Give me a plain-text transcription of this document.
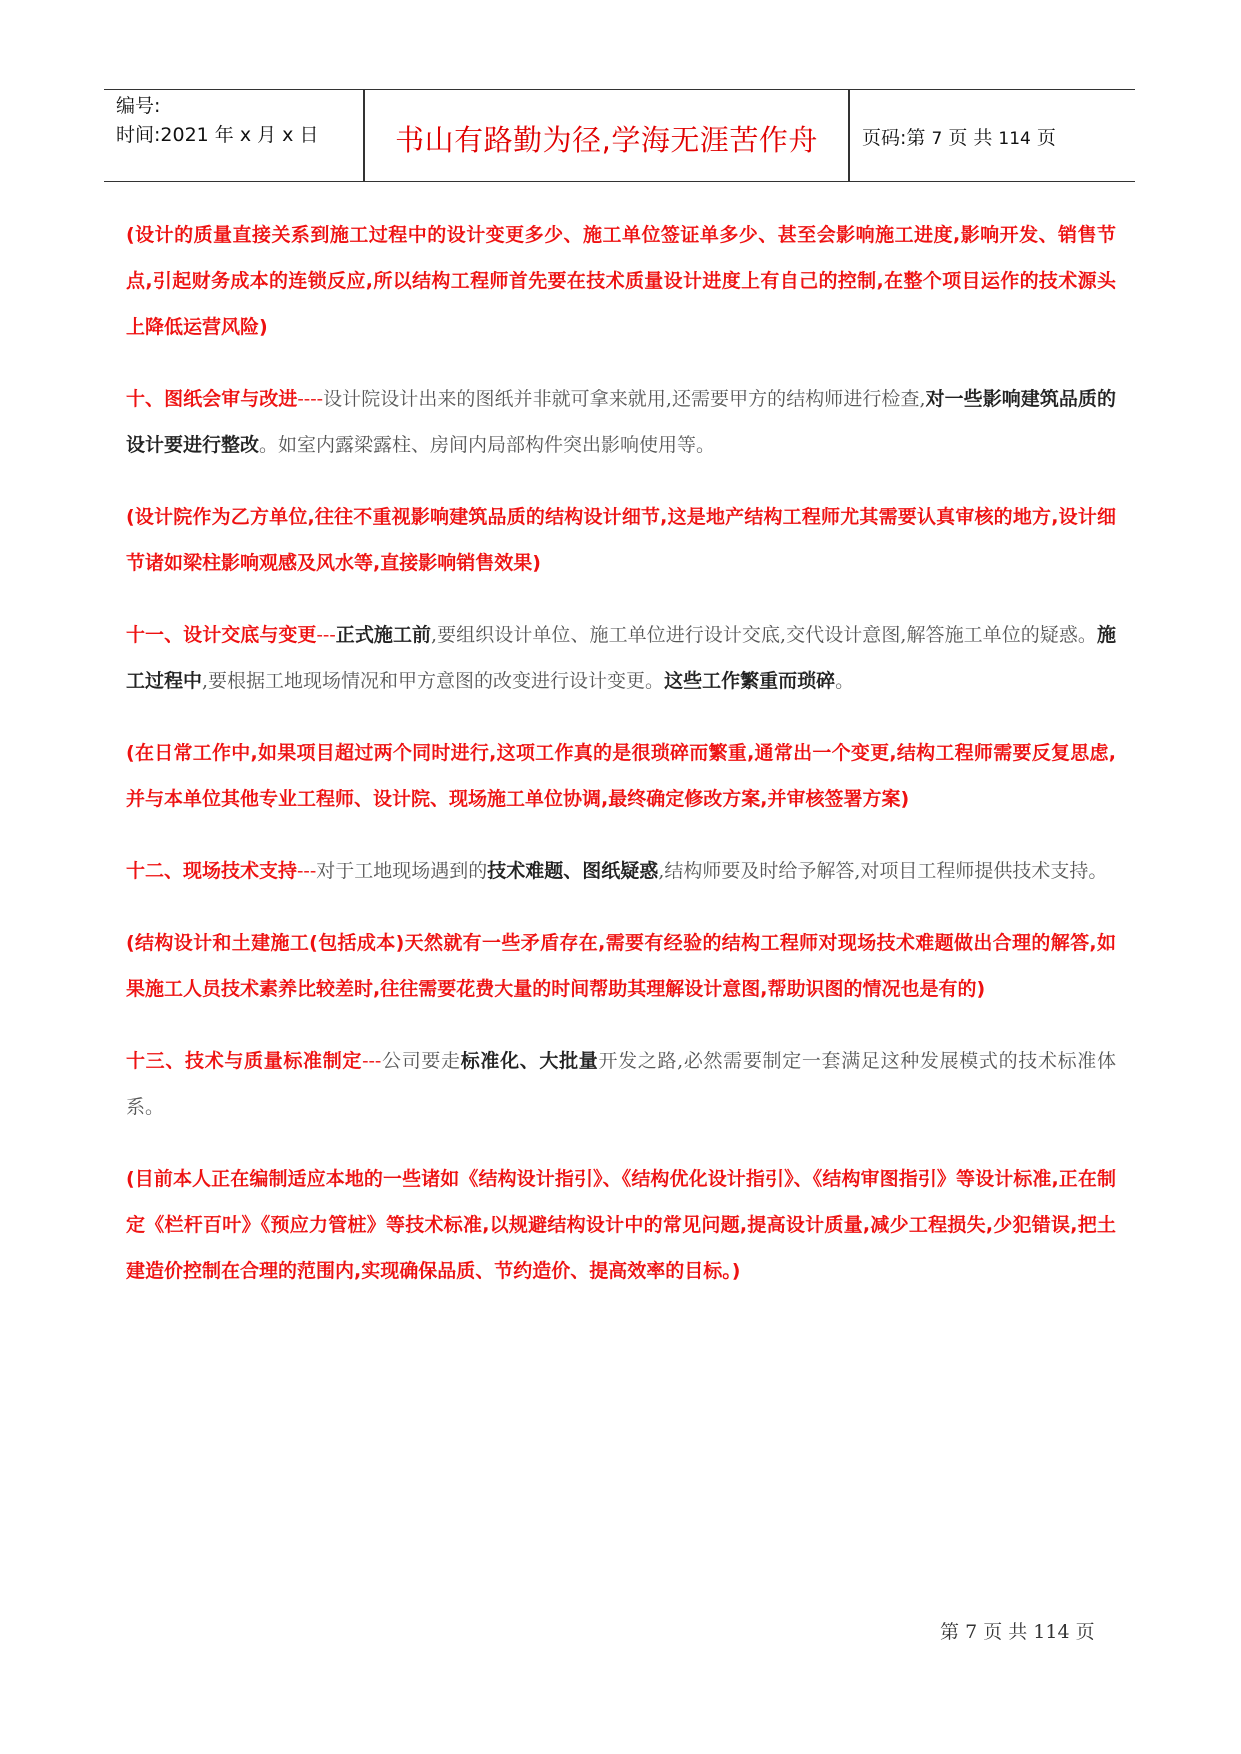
编号:
时间:2021 年 x 月 x 日	书山有路勤为径,学海无涯苦作舟	页码:第 7 页 共 114 页

(设计的质量直接关系到施工过程中的设计变更多少、施工单位签证单多少、甚至会影响施工进度,影响开发、销售节点,引起财务成本的连锁反应,所以结构工程师首先要在技术质量设计进度上有自己的控制,在整个项目运作的技术源头上降低运营风险)

十、图纸会审与改进----设计院设计出来的图纸并非就可拿来就用,还需要甲方的结构师进行检查,对一些影响建筑品质的设计要进行整改。如室内露梁露柱、房间内局部构件突出影响使用等。

(设计院作为乙方单位,往往不重视影响建筑品质的结构设计细节,这是地产结构工程师尤其需要认真审核的地方,设计细节诸如梁柱影响观感及风水等,直接影响销售效果)

十一、设计交底与变更---正式施工前,要组织设计单位、施工单位进行设计交底,交代设计意图,解答施工单位的疑惑。施工过程中,要根据工地现场情况和甲方意图的改变进行设计变更。这些工作繁重而琐碎。

(在日常工作中,如果项目超过两个同时进行,这项工作真的是很琐碎而繁重,通常出一个变更,结构工程师需要反复思虑,并与本单位其他专业工程师、设计院、现场施工单位协调,最终确定修改方案,并审核签署方案)

十二、现场技术支持---对于工地现场遇到的技术难题、图纸疑惑,结构师要及时给予解答,对项目工程师提供技术支持。

(结构设计和土建施工(包括成本)天然就有一些矛盾存在,需要有经验的结构工程师对现场技术难题做出合理的解答,如果施工人员技术素养比较差时,往往需要花费大量的时间帮助其理解设计意图,帮助识图的情况也是有的)

十三、技术与质量标准制定---公司要走标准化、大批量开发之路,必然需要制定一套满足这种发展模式的技术标准体系。

(目前本人正在编制适应本地的一些诸如《结构设计指引》、《结构优化设计指引》、《结构审图指引》等设计标准,正在制定《栏杆百叶》《预应力管桩》等技术标准,以规避结构设计中的常见问题,提高设计质量,减少工程损失,少犯错误,把土建造价控制在合理的范围内,实现确保品质、节约造价、提高效率的目标。)

第 7 页 共 114 页
